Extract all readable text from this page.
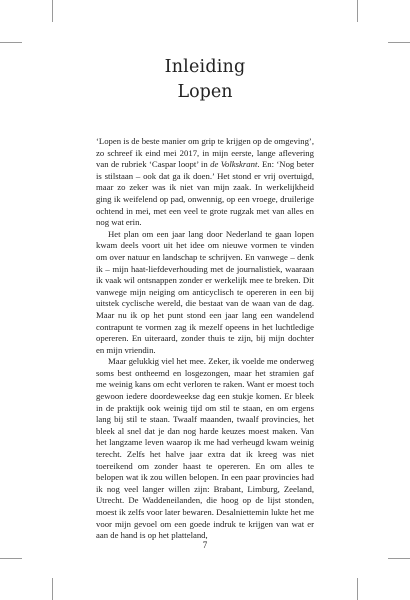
Inleiding
Lopen

‘Lopen is de beste manier om grip te krijgen op de omgeving’, zo schreef ik eind mei 2017, in mijn eerste, lange aflevering van de rubriek ‘Caspar loopt’ in de Volkskrant. En: ‘Nog beter is stilstaan – ook dat ga ik doen.’ Het stond er vrij overtuigd, maar zo zeker was ik niet van mijn zaak. In werkelijkheid ging ik weifelend op pad, onwennig, op een vroege, druilerige ochtend in mei, met een veel te grote rugzak met van alles en nog wat erin.

Het plan om een jaar lang door Nederland te gaan lopen kwam deels voort uit het idee om nieuwe vormen te vinden om over natuur en landschap te schrijven. En vanwege – denk ik – mijn haat-liefdeverhouding met de journalistiek, waaraan ik vaak wil ontsnappen zonder er werkelijk mee te breken. Dit vanwege mijn neiging om anticyclisch te opereren in een bij uitstek cyclische wereld, die bestaat van de waan van de dag. Maar nu ik op het punt stond een jaar lang een wandelend contrapunt te vormen zag ik mezelf opeens in het luchtledige opereren. En uiteraard, zonder thuis te zijn, bij mijn dochter en mijn vriendin.

Maar gelukkig viel het mee. Zeker, ik voelde me onderweg soms best ontheemd en losgezongen, maar het stramien gaf me weinig kans om echt verloren te raken. Want er moest toch gewoon iedere doordeweekse dag een stukje komen. Er bleek in de praktijk ook weinig tijd om stil te staan, en om ergens lang bij stil te staan. Twaalf maanden, twaalf provincies, het bleek al snel dat je dan nog harde keuzes moest maken. Van het langzame leven waarop ik me had verheugd kwam weinig terecht. Zelfs het halve jaar extra dat ik kreeg was niet toereikend om zonder haast te opereren. En om alles te belopen wat ik zou willen belopen. In een paar provincies had ik nog veel langer willen zijn: Brabant, Limburg, Zeeland, Utrecht. De Waddeneilanden, die hoog op de lijst stonden, moest ik zelfs voor later bewaren. Desalniettemin lukte het me voor mijn gevoel om een goede indruk te krijgen van wat er aan de hand is op het platteland,

7
